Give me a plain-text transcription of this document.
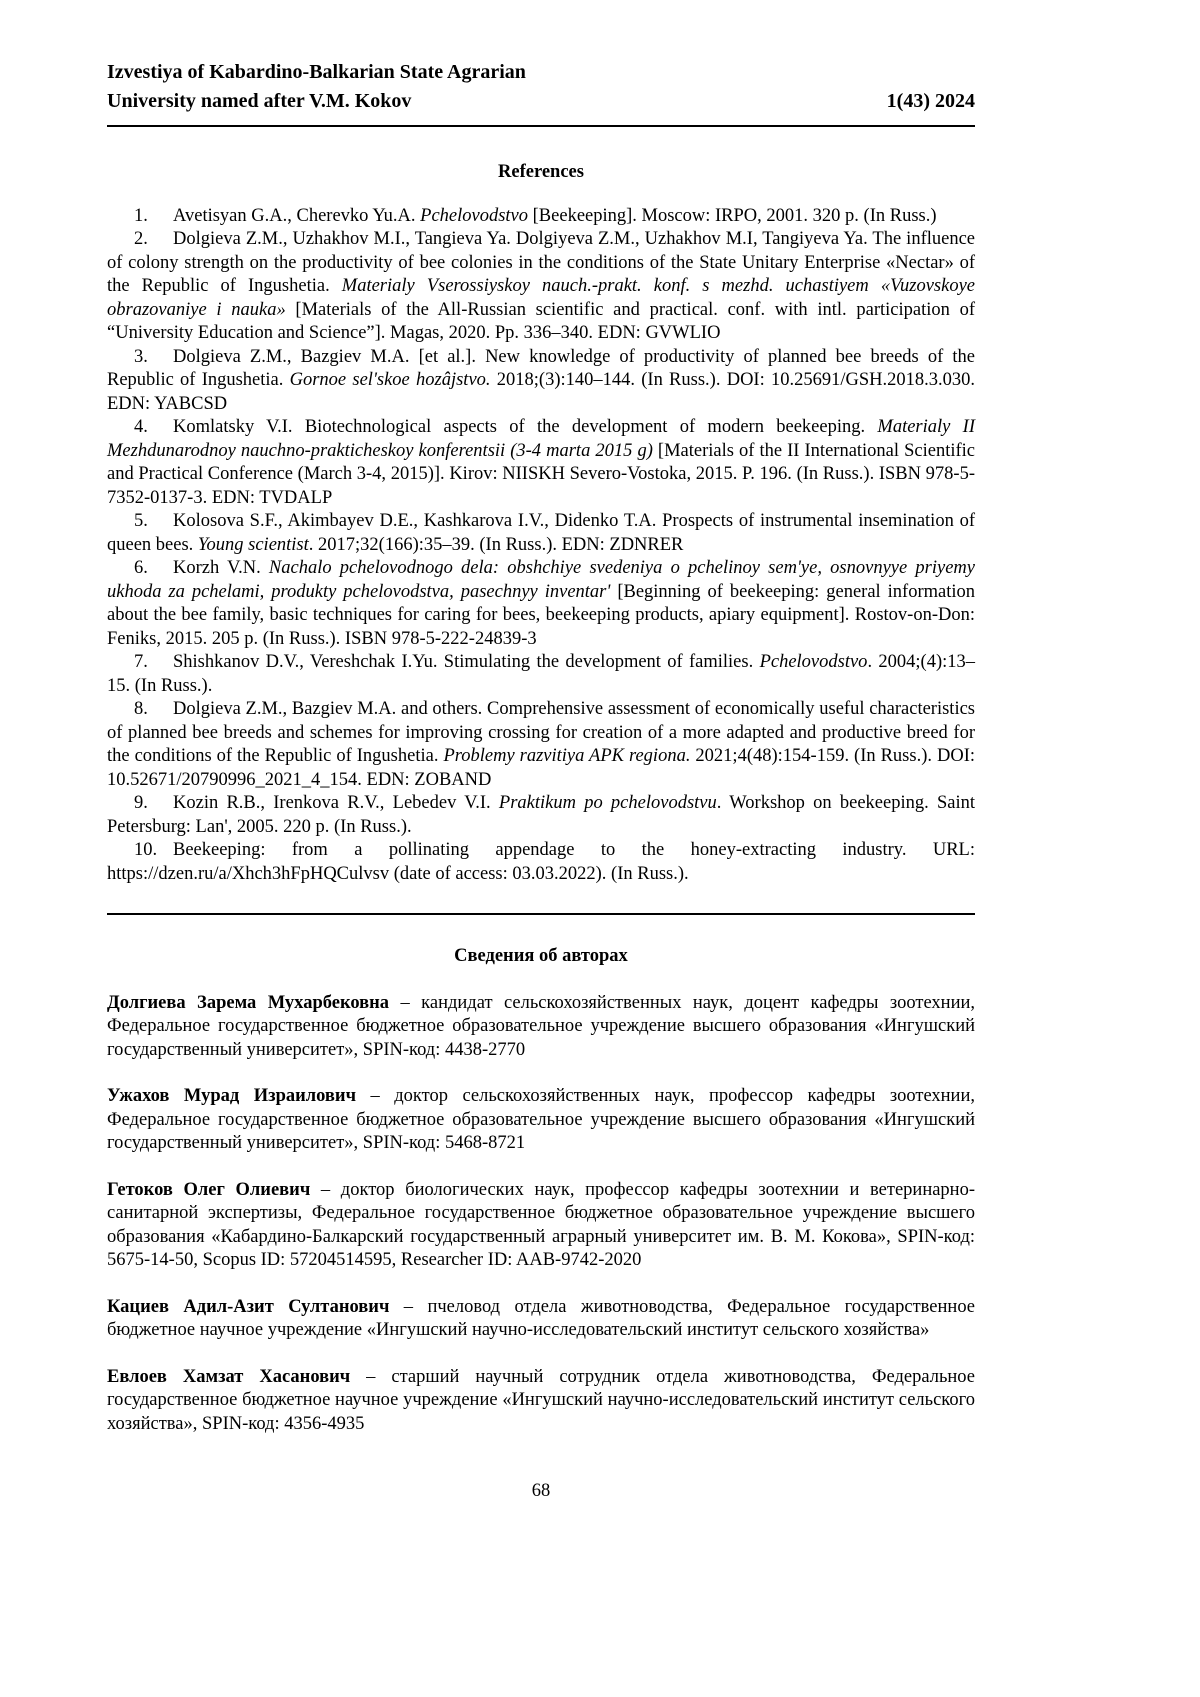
Izvestiya of Kabardino-Balkarian State Agrarian
University named after V.M. Kokov	1(43) 2024
References

1. Avetisyan G.A., Cherevko Yu.A. Pchelovodstvo [Beekeeping]. Moscow: IRPO, 2001. 320 p. (In Russ.)

2. Dolgieva Z.M., Uzhakhov M.I., Tangieva Ya. Dolgiyeva Z.M., Uzhakhov M.I, Tangiyeva Ya. The influence of colony strength on the productivity of bee colonies in the conditions of the State Unitary Enterprise «Nectar» of the Republic of Ingushetia. Materialy Vserossiyskoy nauch.-prakt. konf. s mezhd. uchastiyem «Vuzovskoye obrazovaniye i nauka» [Materials of the All-Russian scientific and practical. conf. with intl. participation of “University Education and Science”]. Magas, 2020. Pp. 336–340. EDN: GVWLIO

3. Dolgieva Z.M., Bazgiev M.A. [et al.]. New knowledge of productivity of planned bee breeds of the Republic of Ingushetia. Gornoe sel'skoe hozâjstvo. 2018;(3):140–144. (In Russ.). DOI: 10.25691/GSH.2018.3.030. EDN: YABCSD

4. Komlatsky V.I. Biotechnological aspects of the development of modern beekeeping. Materialy II Mezhdunarodnoy nauchno-prakticheskoy konferentsii (3-4 marta 2015 g) [Materials of the II International Scientific and Practical Conference (March 3-4, 2015)]. Kirov: NIISKH Severo-Vostoka, 2015. P. 196. (In Russ.). ISBN 978-5-7352-0137-3. EDN: TVDALP

5. Kolosova S.F., Akimbayev D.E., Kashkarova I.V., Didenko T.A. Prospects of instrumental insemination of queen bees. Young scientist. 2017;32(166):35–39. (In Russ.). EDN: ZDNRER

6. Korzh V.N. Nachalo pchelovodnogo dela: obshchiye svedeniya o pchelinoy sem'ye, osnovnyye priyemy ukhoda za pchelami, produkty pchelovodstva, pasechnyy inventar' [Beginning of beekeeping: general information about the bee family, basic techniques for caring for bees, beekeeping products, apiary equipment]. Rostov-on-Don: Feniks, 2015. 205 p. (In Russ.). ISBN 978-5-222-24839-3

7. Shishkanov D.V., Vereshchak I.Yu. Stimulating the development of families. Pchelovodstvo. 2004;(4):13–15. (In Russ.).

8. Dolgieva Z.M., Bazgiev M.A. and others. Comprehensive assessment of economically useful characteristics of planned bee breeds and schemes for improving crossing for creation of a more adapted and productive breed for the conditions of the Republic of Ingushetia. Problemy razvitiya APK regiona. 2021;4(48):154-159. (In Russ.). DOI: 10.52671/20790996_2021_4_154. EDN: ZOBAND

9. Kozin R.B., Irenkova R.V., Lebedev V.I. Praktikum po pchelovodstvu. Workshop on beekeeping. Saint Petersburg: Lan', 2005. 220 p. (In Russ.).

10. Beekeeping: from a pollinating appendage to the honey-extracting industry. URL: https://dzen.ru/a/Xhch3hFpHQCulvsv (date of access: 03.03.2022). (In Russ.).

Сведения об авторах

Долгиева Зарема Мухарбековна – кандидат сельскохозяйственных наук, доцент кафедры зоотехнии, Федеральное государственное бюджетное образовательное учреждение высшего образования «Ингушский государственный университет», SPIN-код: 4438-2770

Ужахов Мурад Израилович – доктор сельскохозяйственных наук, профессор кафедры зоотехнии, Федеральное государственное бюджетное образовательное учреждение высшего образования «Ингушский государственный университет», SPIN-код: 5468-8721

Гетоков Олег Олиевич – доктор биологических наук, профессор кафедры зоотехнии и ветеринарно-санитарной экспертизы, Федеральное государственное бюджетное образовательное учреждение высшего образования «Кабардино-Балкарский государственный аграрный университет им. В. М. Кокова», SPIN-код: 5675-14-50, Scopus ID: 57204514595, Researcher ID: AAB-9742-2020

Кациев Адил-Азит Султанович – пчеловод отдела животноводства, Федеральное государственное бюджетное научное учреждение «Ингушский научно-исследовательский институт сельского хозяйства»

Евлоев Хамзат Хасанович – старший научный сотрудник отдела животноводства, Федеральное государственное бюджетное научное учреждение «Ингушский научно-исследовательский институт сельского хозяйства», SPIN-код: 4356-4935

68
